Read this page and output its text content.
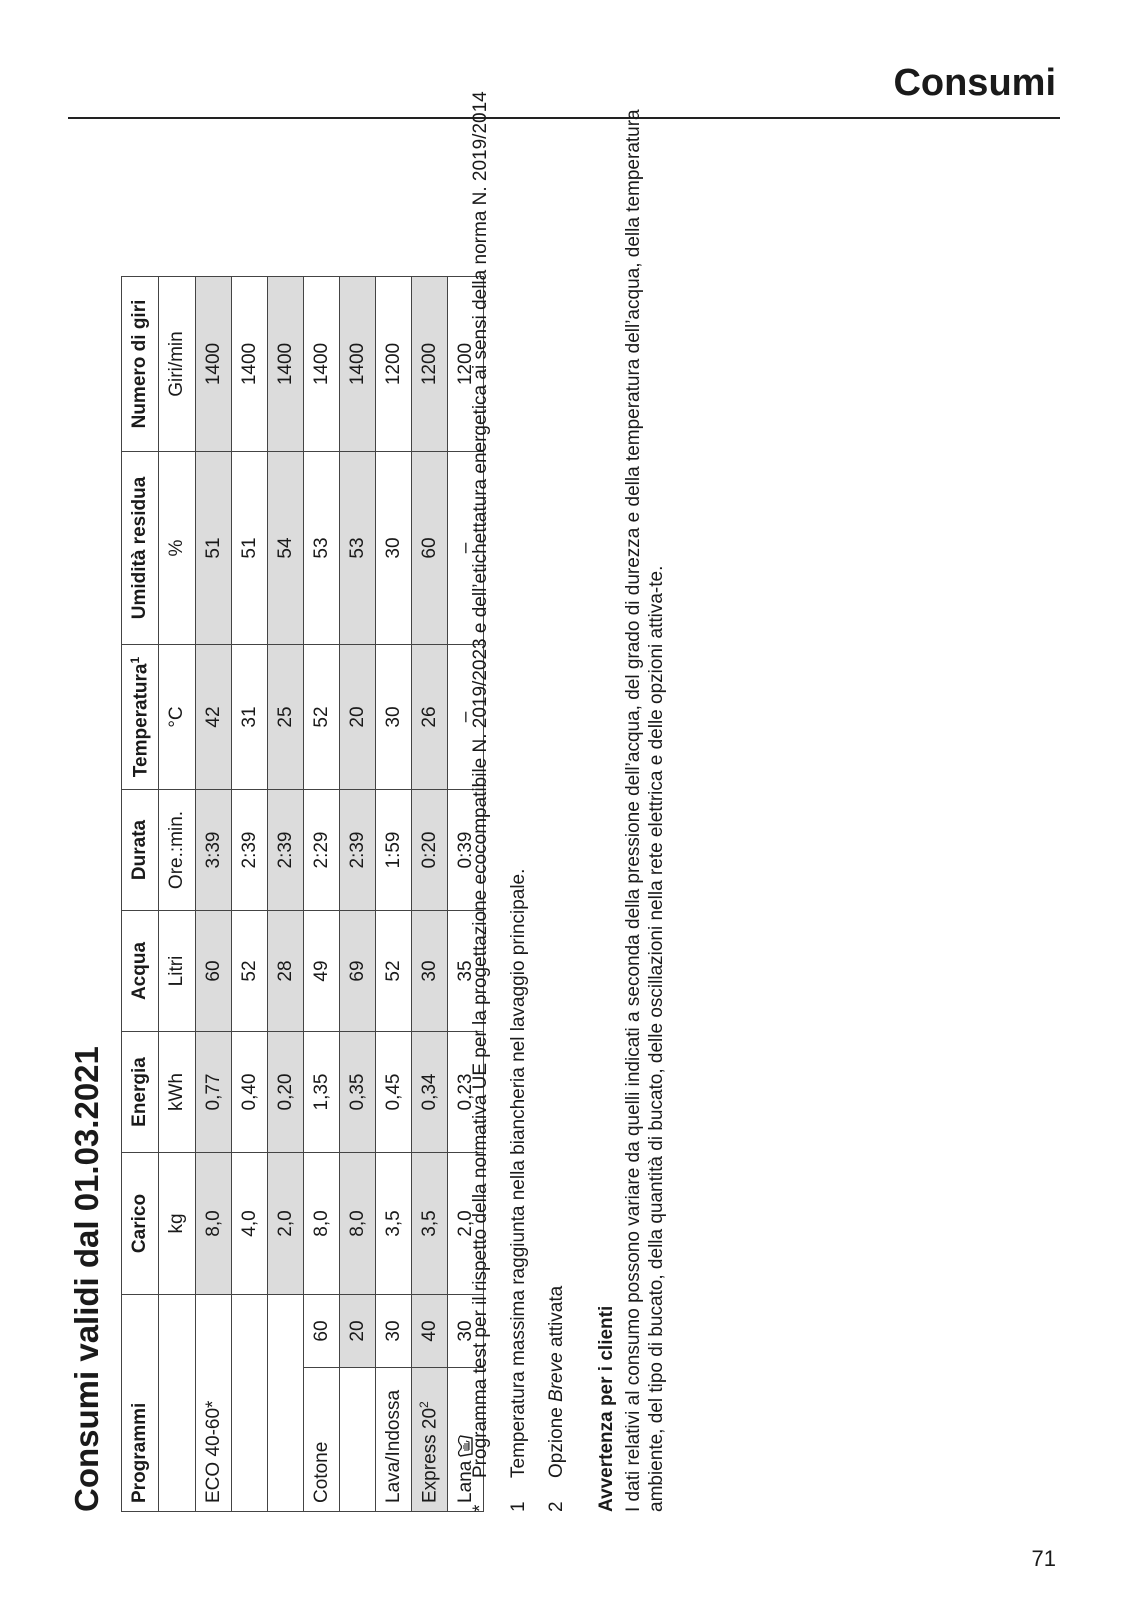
Consumi
71
Consumi validi dal 01.03.2021 Programmi		Carico	Energia	Acqua	Durata	Temperatura$^1$	Umidità residua	Numero di giri
		kg	kWh	Litri	Ore.:min.	°C	%	Giri/min
ECO 40-60*		8,0	0,77	60	3:39	42	51	1400
		4,0	0,40	52	2:39	31	51	1400
		2,0	0,20	28	2:39	25	54	1400
Cotone	60	8,0	1,35	49	2:29	52	53	1400
	20	8,0	0,35	69	2:39	20	53	1400
Lava/Indossa	30	3,5	0,45	52	1:59	30	30	1200
Express $20^2$	40	3,5	0,34	30	0:20	26	60	1200
Lana	30	2,0	0,23	35	0:39	–	–	1200
*
Programma test per il rispetto della normativa UE per la progettazione ecocompatibile N. 2019/2023 e dell’etichettatura energetica ai sensi della norma N. 2019/2014
1
Temperatura massima raggiunta nella biancheria nel lavaggio principale.
2
Opzione Breve attivata Avvertenza per i clienti I dati relativi al consumo possono variare da quelli indicati a seconda della pressione dell’acqua, del grado di durezza e della temperatura dell’acqua, della temperatura ambiente, del tipo di bucato, della quantità di bucato, delle oscillazioni nella rete elettrica e delle opzioni attiva-te.
